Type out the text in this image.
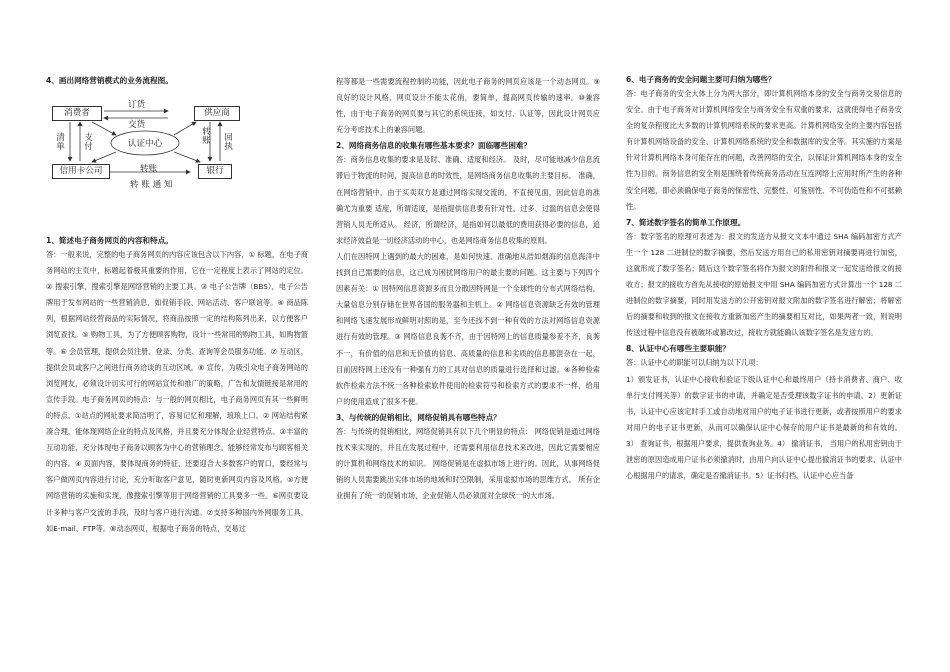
4、画出网络营销模式的业务流程图。

消费者	供应商
信用卡公司	银行
认证中心
订货
交货
清单
支付
转账 回执
转账
转 账 通 知

1、简述电子商务网页的内容和特点。

答：一般来说，完整的电子商务网页的内容应该包含以下内容，① 标题，在电子商务网站的主页中，标题起着极其重要的作用，它在一定程度上表示了网站的定位。② 搜索引擎，搜索引擎是网络营销的主要工具。③ 电子公告牌（BBS），电子公告牌用于发布网站的一些营销消息，如促销手段、网站活动、客户联谊等。④ 商品陈列，根据网站经营商品的实际情况，将商品按照一定的结构陈列出来，以方便客户浏览查找。⑤ 购物工具，为了方便顾客购物，设计一些常用的购物工具，如购物篮等。⑥ 会员管理，提供会员注册、登录、分类、查询等会员服务功能。⑦ 互动区，提供会员或客户之间进行商务洽谈的互动区域。⑧ 宣传，为吸引众电子商务网站的浏览网友，必须设计切实可行的网站宣传和推广的策略，广告和友情链接是常用的宣传手段。电子商务网页的特点：与一般的网页相比，电子商务网页有其一些鲜明的特点。①站点的网址要求简洁明了，容易记忆和理解，琅琅上口。② 网站结构紧凑合理，能体现网络企业的特点及风格，并且要充分体现企业经营特点。③丰富的互动功能，充分体现电子商务以顾客为中心的营销理念。能够经常发布与顾客相关的内容。④ 页面内容，要体现商务的特征，还要迎合大多数客户的胃口，要经常与客户做网页内容进行讨论，充分听取客户意见，随时更新网页内容及风格。⑤方便网络营销的实施和实现，像搜索引擎等用于网络营销的工具要多一些。⑥网页要设计多种与客户交流的手段，及时与客户进行沟通。⑦支持多种国内外网服务工具，如E-mail、FTP等。⑧动态网页，根据电子商务的特点，交易过

程等都是一些需要流程控制的功能，因此电子商务的网页应该是一个动态网页。⑨良好的设计风格，网页设计不能太花俏，要简单，提高网页传输的速率。⑩兼容性，由于电子商务的网页要与其它的系统连接，如支付、认证等，因此设计网页应充分考虑技术上的兼容问题。

2、网络商务信息的收集有哪些基本要求？面临哪些困难？

答：商务信息收集的要求是及时、准确、适度和经济。 及时，尽可能地减少信息流滞后于物流的时间，提高信息的时效性，是网络商务信息收集的主要目标。 准确，在网络营销中，由于买卖双方是通过网络实现交流的，不直接见面，因此信息的准确尤为重要 适度，所谓适度，是指提供信息要有针对性、过多、过滥的信息会使得营销人员无所适从。 经济，所谓经济，是指如何以最低的费用获得必要的信息，追求经济效益是一切经济活动的中心，也是网络商务信息收集的原则。

人们在因特网上遇到的最大的困难，是如何快速、准确地从浩如烟海的信息海洋中找到自己需要的信息，这已成为困扰网络用户的最主要的问题。这主要与下列四个因素有关：① 因特网信息资源多而且分散因特网是一个全球性的分布式网络结构，大量信息分别存储在世界各国的服务器和主机上。② 网络信息资源缺乏有效的管理和网络飞速发展形成鲜明对照的是，至今还找不到一种有效的方法对网络信息资源进行有效的管理。③ 网络信息良莠不齐，由于因特网上的信息质量参差不齐，良莠不一，有价值的信息和无价值的信息、高质量的信息和劣质的信息都混杂在一起，目前因特网上还没有一种强有力的工具对信息的质量进行选择和过滤。④各种检索软件检索方法不统一各种检索软件使用的检索符号和检索方式的要求不一样，给用户的使用造成了很多不便。

3、与传统的促销相比，网络促销具有哪些特点？

答：与传统的促销相比，网络促销具有以下几个明显的特点： 网络促销是通过网络技术来实现的，并且在发展过程中，还需要利用信息技术来改进，因此它需要相应的计算机和网络技术的知识。 网络促销是在虚拟市场上进行的。因此，从事网络促销的人员需要跳出实体市场的地域和时空限制，采用虚拟市场的思维方式。 所有企业拥有了统一的促销市场，企业促销人员必须面对全球统一的大市场。

6、电子商务的安全问题主要可归纳为哪些？

答：电子商务的安全大体上分为两大部分，即计算机网络本身的安全与商务交易信息的安全。由于电子商务对计算机网络安全与商务安全有双重的要求，这就使得电子商务安全的复杂程度比大多数的计算机网络系统的要求更高。计算机网络安全的主要内容包括有计算机网络设备的安全、计算机网络系统的安全和数据库的安全等。其实施的方案是针对计算机网络本身可能存在的问题，改善网络的安全，以保证计算机网络本身的安全性为目的。商务信息的安全则是围绕着传统商务活动在互连网络上应用时所产生的各种安全问题，即必须确保电子商务的保密性、完整性、可鉴别性、不可伪造性和不可抵赖性。

7、简述数字签名的简单工作原理。

答：数字签名的原理可表述为：报文的发送方从报文文本中通过 SHA 编码加密方式产生一个 128 二进制位的数字摘要，然后发送方用自己的私用密钥对摘要再进行加密，这就形成了数字签名；随后这个数字签名将作为报文的附件和报文一起发送给报文的接收方；报文的接收方首先从接收的原始报文中用 SHA 编码加密方式计算出一个 128 二进制位的数字摘要，同时用发送方的公开密钥对报文附加的数字签名进行解密；将解密后的摘要和收到的报文在接收方重新加密产生的摘要相互对比，如果两者一致，则说明传送过程中信息没有被破坏或篡改过，接收方就能确认该数字签名是发送方的。

8、认证中心有哪些主要职能？

答：认证中心的职能可以归纳为以下几项：

1）颁发证书，认证中心接收和验证下级认证中心和最终用户（持卡消费者、商户、收单行支付网关等）的数字证书的申请，并确定是否受理该数字证书的申请。2）更新证书，认证中心应该定时手工或自动地对用户的电子证书进行更新，或者按照用户的要求对用户的电子证书更新，从而可以确保认证中心保存的用户证书是最新的和有效的。3） 查询证书，根据用户要求，提供查询业务。4） 撤消证书， 当用户的私用密钥由于泄密的原因造成用户证书必须撤消时，由用户向认证中心提出撤消证书的要求，认证中心根据用户的请求，确定是否撤消证书。5）证书归档，认证中心应当备
